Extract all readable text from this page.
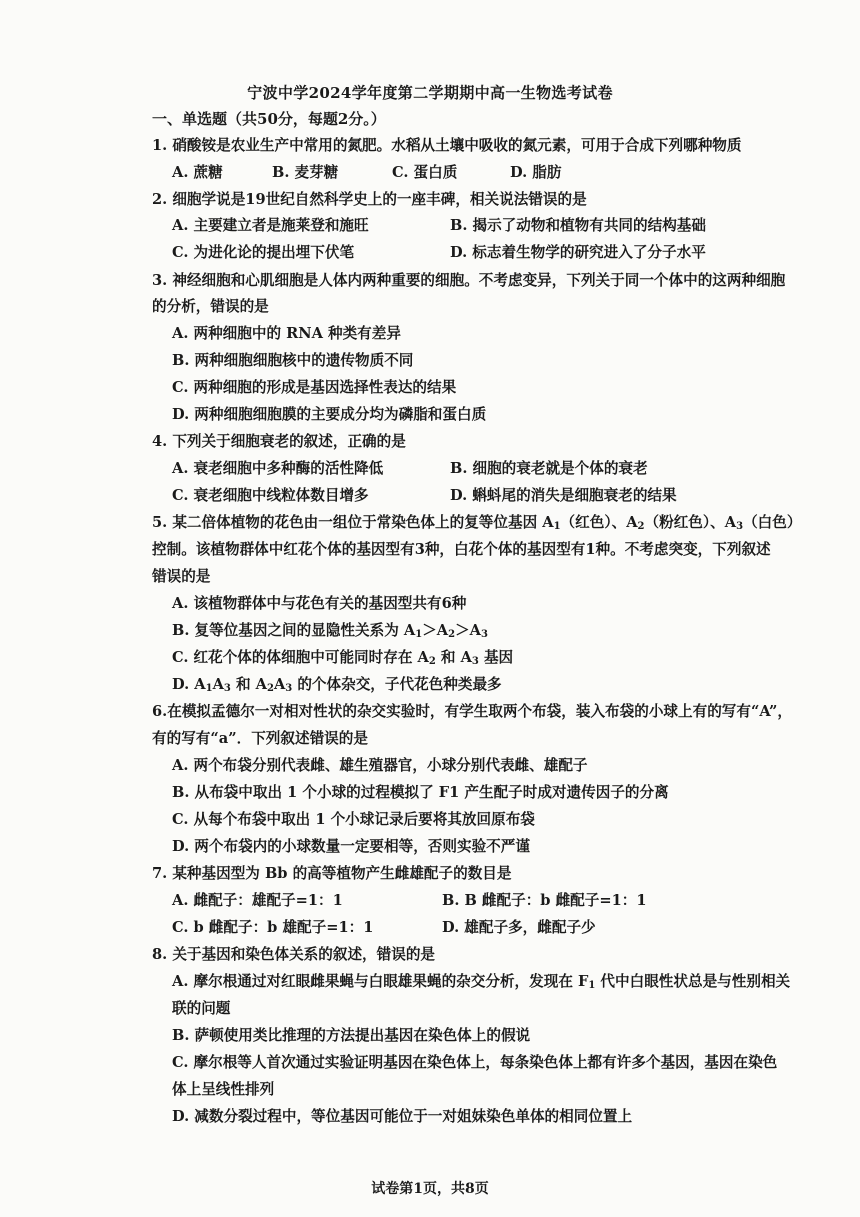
宁波中学2024学年度第二学期期中高一生物选考试卷
一、单选题（共50分，每题2分。）
1. 硝酸铵是农业生产中常用的氮肥。水稻从土壤中吸收的氮元素，可用于合成下列哪种物质
A. 蔗糖	B. 麦芽糖	C. 蛋白质	D. 脂肪
2. 细胞学说是19世纪自然科学史上的一座丰碑，相关说法错误的是
A. 主要建立者是施莱登和施旺	B. 揭示了动物和植物有共同的结构基础
C. 为进化论的提出埋下伏笔	D. 标志着生物学的研究进入了分子水平
3. 神经细胞和心肌细胞是人体内两种重要的细胞。不考虑变异，下列关于同一个体中的这两种细胞
的分析，错误的是
A. 两种细胞中的 RNA 种类有差异
B. 两种细胞细胞核中的遗传物质不同
C. 两种细胞的形成是基因选择性表达的结果
D. 两种细胞细胞膜的主要成分均为磷脂和蛋白质
4. 下列关于细胞衰老的叙述，正确的是
A. 衰老细胞中多种酶的活性降低	B. 细胞的衰老就是个体的衰老
C. 衰老细胞中线粒体数目增多	D. 蝌蚪尾的消失是细胞衰老的结果
5. 某二倍体植物的花色由一组位于常染色体上的复等位基因 $A_1$（红色）、$A_2$（粉红色）、$A_3$（白色）
控制。该植物群体中红花个体的基因型有3种，白花个体的基因型有1种。不考虑突变，下列叙述
错误的是
A. 该植物群体中与花色有关的基因型共有6种
B. 复等位基因之间的显隐性关系为 $A_1>A_2>A_3$
C. 红花个体的体细胞中可能同时存在 $A_2$ 和 $A_3$ 基因
D. $A_1A_3$ 和 $A_2A_3$ 的个体杂交，子代花色种类最多
6.在模拟孟德尔一对相对性状的杂交实验时，有学生取两个布袋，装入布袋的小球上有的写有“A”，
有的写有“a”．下列叙述错误的是
A. 两个布袋分别代表雌、雄生殖器官，小球分别代表雌、雄配子
B. 从布袋中取出 1 个小球的过程模拟了 F1 产生配子时成对遗传因子的分离
C. 从每个布袋中取出 1 个小球记录后要将其放回原布袋
D. 两个布袋内的小球数量一定要相等，否则实验不严谨
7. 某种基因型为 Bb 的高等植物产生雌雄配子的数目是
A. 雌配子：雄配子=1：1	B. B 雌配子：b 雌配子=1：1
C. b 雌配子：b 雄配子=1：1	D. 雄配子多，雌配子少
8. 关于基因和染色体关系的叙述，错误的是
A. 摩尔根通过对红眼雌果蝇与白眼雄果蝇的杂交分析，发现在 $F_1$ 代中白眼性状总是与性别相关
联的问题
B. 萨顿使用类比推理的方法提出基因在染色体上的假说
C. 摩尔根等人首次通过实验证明基因在染色体上，每条染色体上都有许多个基因，基因在染色
体上呈线性排列
D. 减数分裂过程中，等位基因可能位于一对姐妹染色单体的相同位置上
试卷第1页，共8页
